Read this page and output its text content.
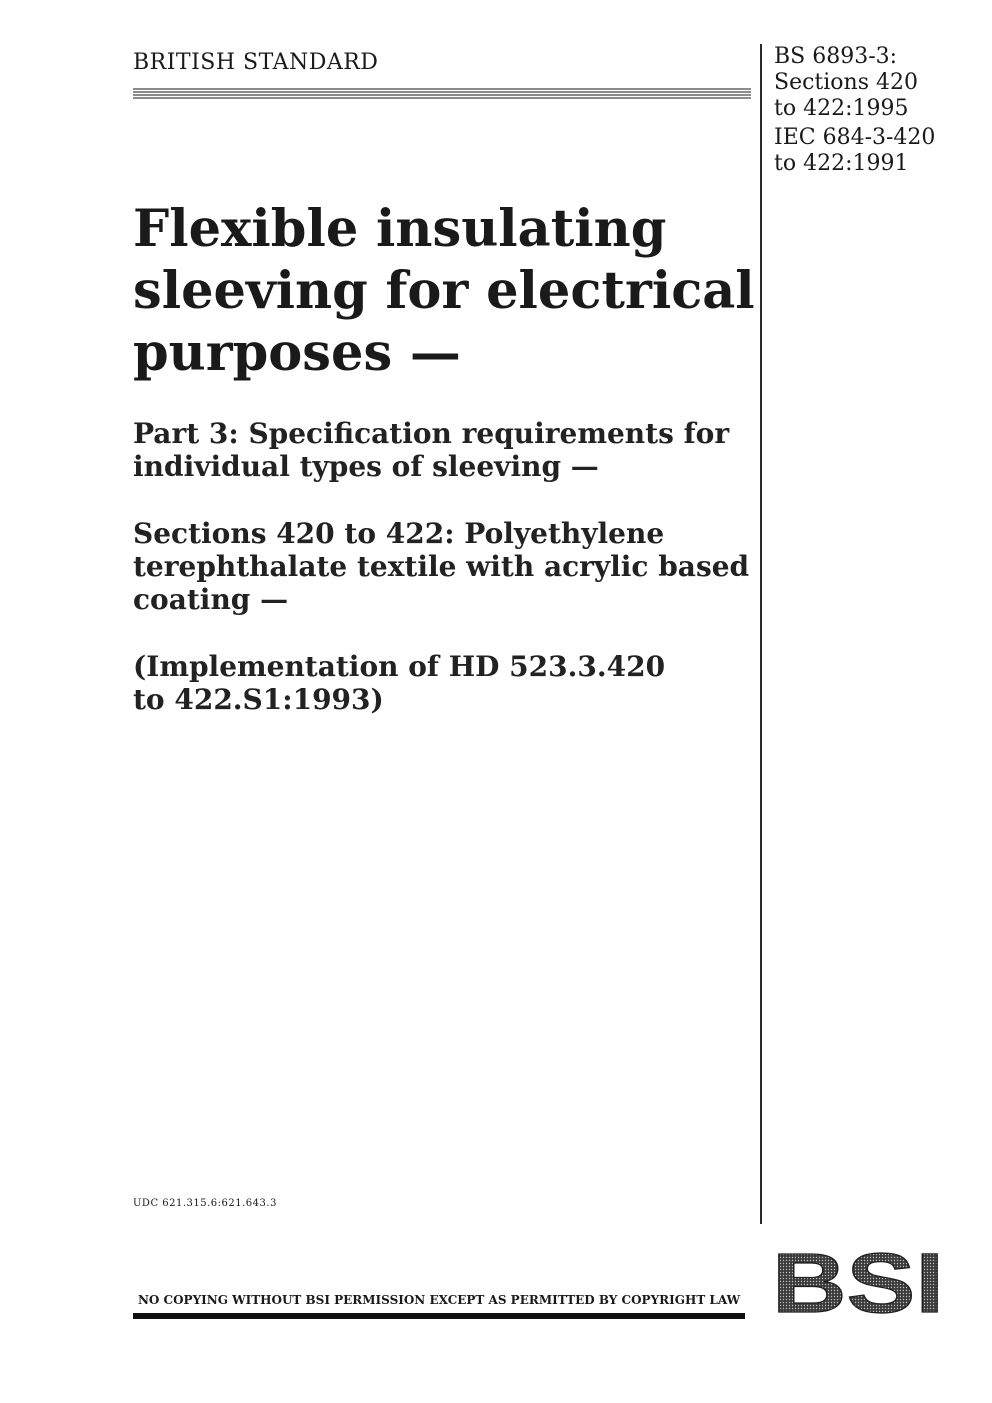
BRITISH STANDARD	BS 6893-3:
Sections 420
to 422:1995
IEC 684-3-420
to 422:1991
Flexible insulating
sleeving for electrical
purposes —
Part 3: Specification requirements for
individual types of sleeving —
Sections 420 to 422: Polyethylene
terephthalate textile with acrylic based
coating —
(Implementation of HD 523.3.420
to 422.S1:1993)
UDC 621.315.6:621.643.3
NO COPYING WITHOUT BSI PERMISSION EXCEPT AS PERMITTED BY COPYRIGHT LAW BSI
